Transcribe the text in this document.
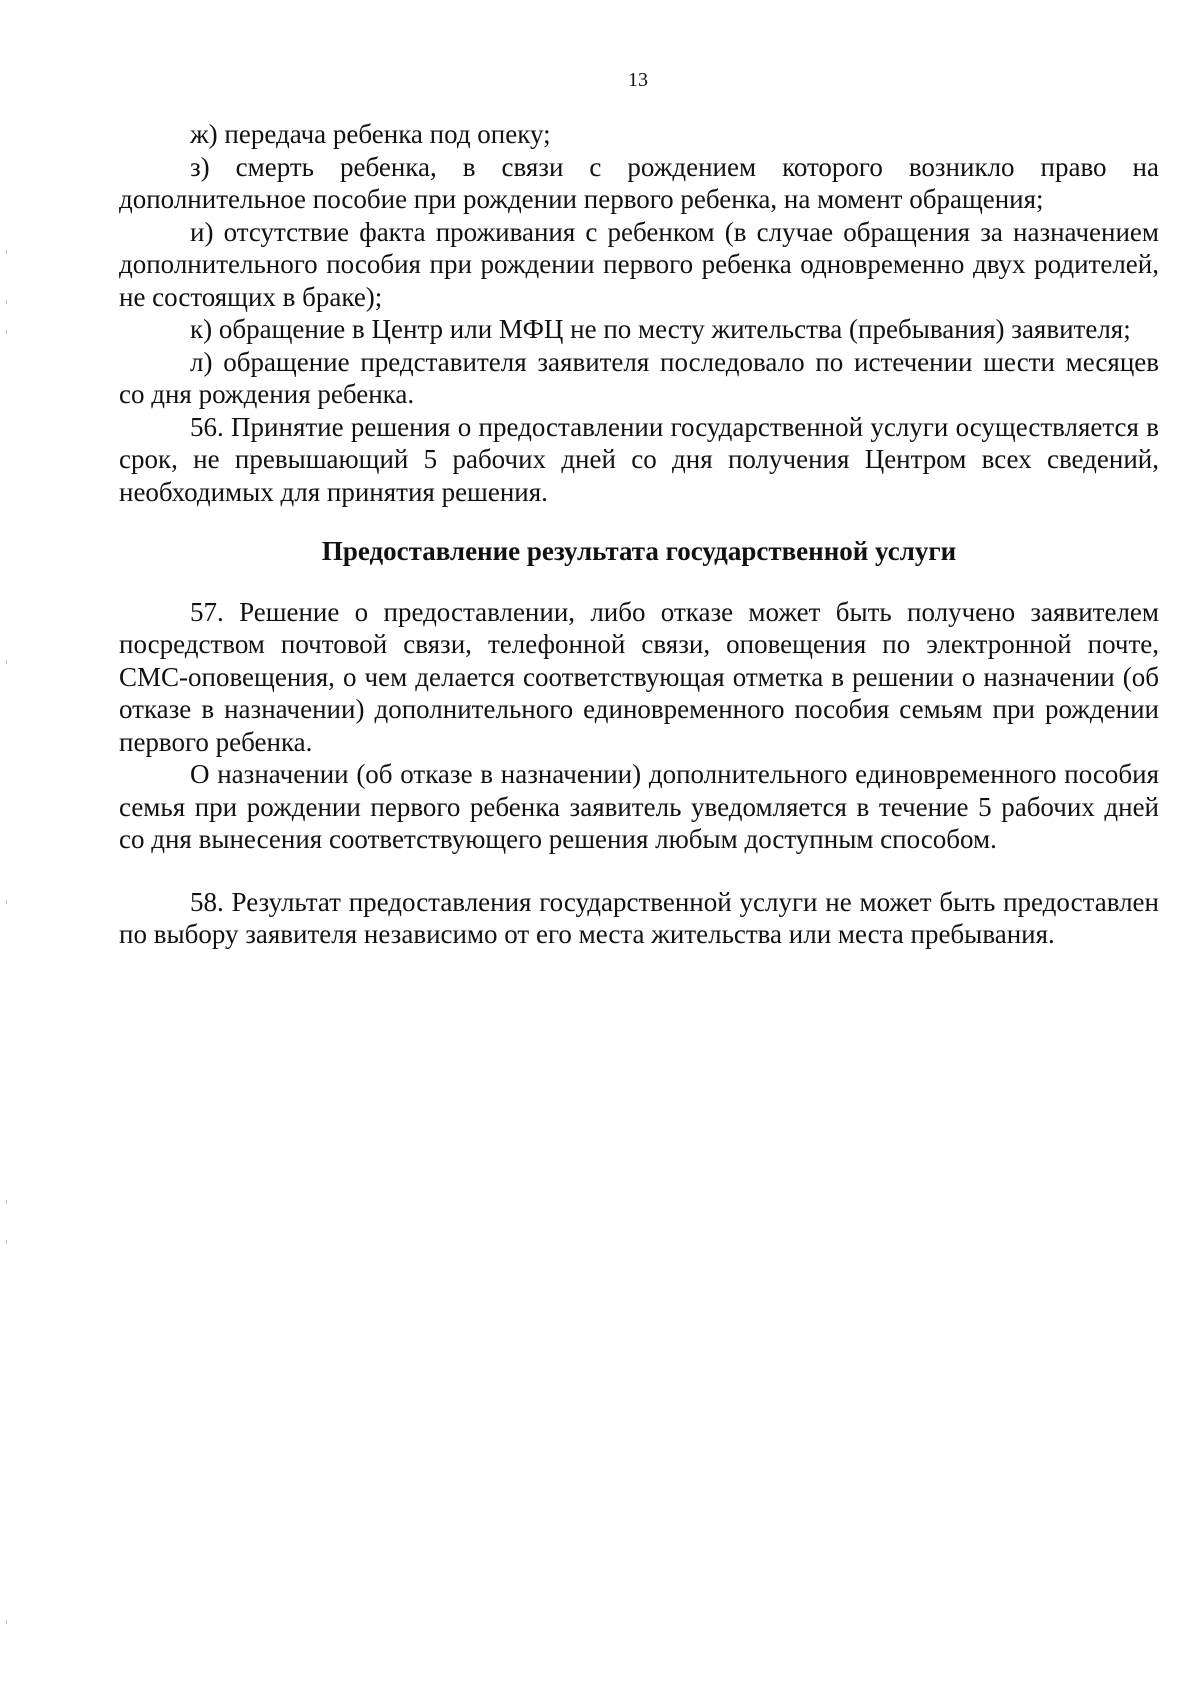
13

ж) передача ребенка под опеку;

з) смерть ребенка, в связи с рождением которого возникло право на дополнительное пособие при рождении первого ребенка, на момент обращения;

и) отсутствие факта проживания с ребенком (в случае обращения за назначением дополнительного пособия при рождении первого ребенка одновременно двух родителей, не состоящих в браке);

к) обращение в Центр или МФЦ не по месту жительства (пребывания) заявителя;

л) обращение представителя заявителя последовало по истечении шести месяцев со дня рождения ребенка.

56. Принятие решения о предоставлении государственной услуги осуществляется в срок, не превышающий 5 рабочих дней со дня получения Центром всех сведений, необходимых для принятия решения.

Предоставление результата государственной услуги

57. Решение о предоставлении, либо отказе может быть получено заявителем посредством почтовой связи, телефонной связи, оповещения по электронной почте, СМС-оповещения, о чем делается соответствующая отметка в решении о назначении (об отказе в назначении) дополнительного единовременного пособия семьям при рождении первого ребенка.

О назначении (об отказе в назначении) дополнительного единовременного пособия семья при рождении первого ребенка заявитель уведомляется в течение 5 рабочих дней со дня вынесения соответствующего решения любым доступным способом.

58. Результат предоставления государственной услуги не может быть предоставлен по выбору заявителя независимо от его места жительства или места пребывания.
